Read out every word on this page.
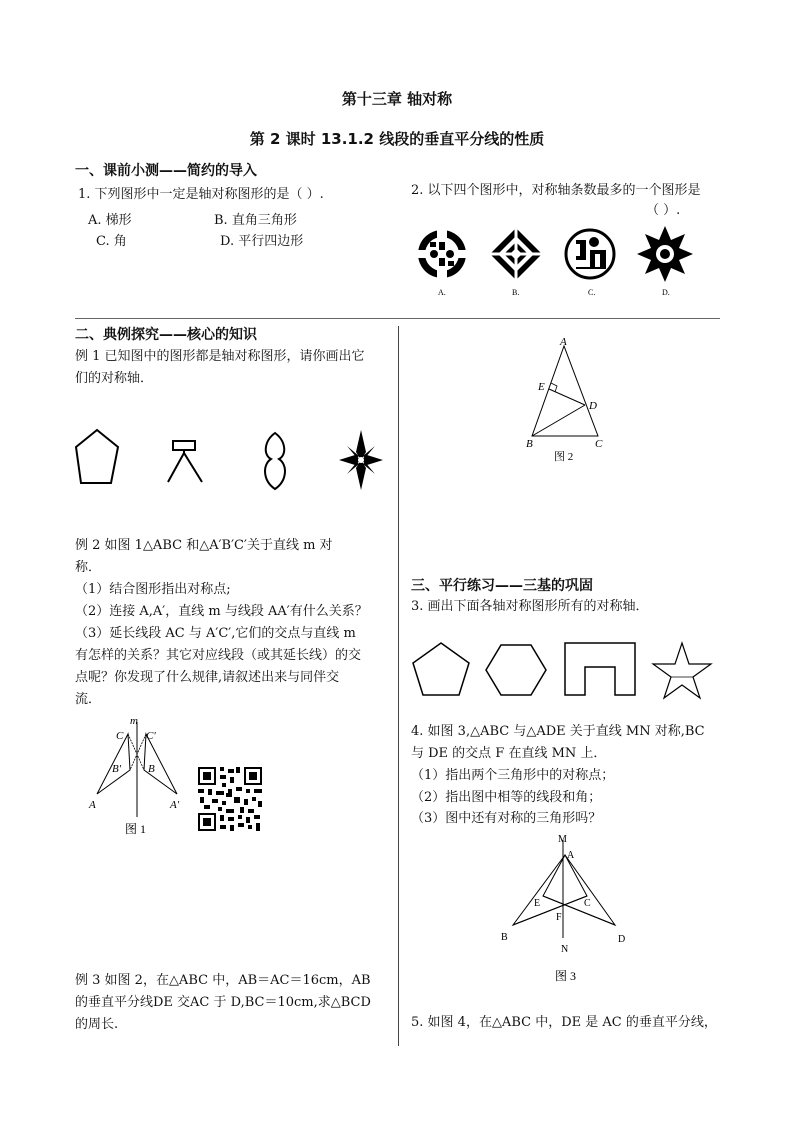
第十三章 轴对称
第 2 课时 13.1.2 线段的垂直平分线的性质
一、课前小测——简约的导入
1. 下列图形中一定是轴对称图形的是（ ）.
A. 梯形	B. 直角三角形
C. 角	D. 平行四边形
2. 以下四个图形中，对称轴条数最多的一个图形是
（ ）.
A.	B.	C.	D.
二、典例探究——核心的知识
例 1 已知图中的图形都是轴对称图形，请你画出它
们的对称轴．
例 2 如图 1△ABC 和△A′B′C′关于直线 m 对
称．
（1）结合图形指出对称点;
（2）连接 A,A′，直线 m 与线段 AA′有什么关系？
（3）延长线段 AC 与 A′C′,它们的交点与直线 m
有怎样的关系？其它对应线段（或其延长线）的交
点呢？你发现了什么规律,请叙述出来与同伴交
流．
m
C C′
B′ B
A	A′
图 1
例 3 如图 2，在△ABC 中，AB＝AC＝16cm，AB
的垂直平分线DE 交AC 于 D,BC＝10cm,求△BCD
的周长.
A
E
D
B	C
图 2
三、平行练习——三基的巩固
3. 画出下面各轴对称图形所有的对称轴．
4. 如图 3,△ABC 与△ADE 关于直线 MN 对称,BC
与 DE 的交点 F 在直线 MN 上．
（1）指出两个三角形中的对称点；
（2）指出图中相等的线段和角；
（3）图中还有对称的三角形吗？
M
A
E	C
F
B	D
N
图 3
5. 如图 4，在△ABC 中，DE 是 AC 的垂直平分线，
